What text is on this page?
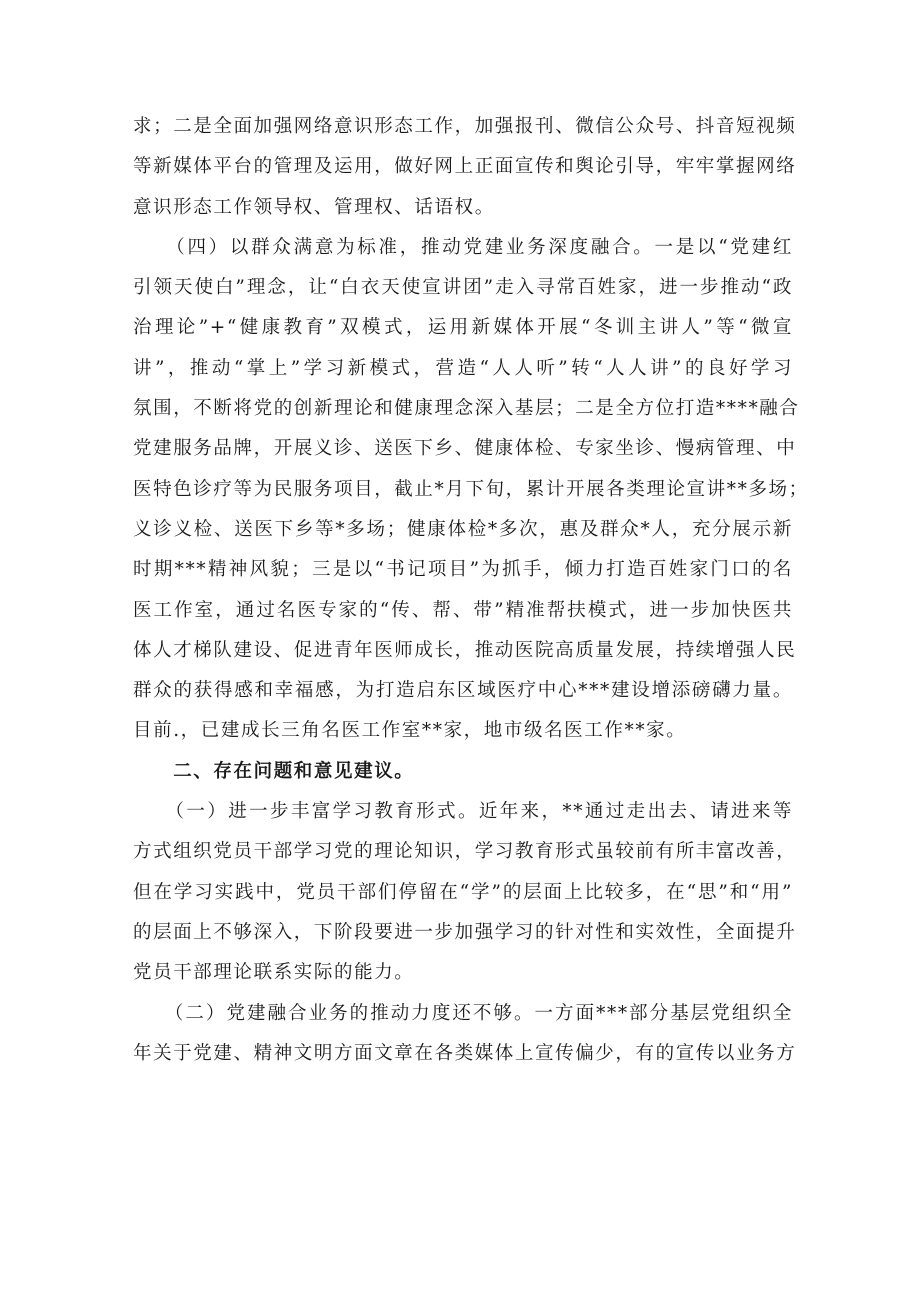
求；二是全面加强网络意识形态工作，加强报刊、微信公众号、抖音短视频
等新媒体平台的管理及运用，做好网上正面宣传和舆论引导，牢牢掌握网络
意识形态工作领导权、管理权、话语权。
　　（四）以群众满意为标准，推动党建业务深度融合。一是以“党建红
引领天使白”理念，让“白衣天使宣讲团”走入寻常百姓家，进一步推动“政
治理论”+“健康教育”双模式，运用新媒体开展“冬训主讲人”等“微宣
讲”，推动“掌上”学习新模式，营造“人人听”转“人人讲”的良好学习
氛围，不断将党的创新理论和健康理念深入基层；二是全方位打造****融合
党建服务品牌，开展义诊、送医下乡、健康体检、专家坐诊、慢病管理、中
医特色诊疗等为民服务项目，截止*月下旬，累计开展各类理论宣讲**多场；
义诊义检、送医下乡等*多场；健康体检*多次，惠及群众*人，充分展示新
时期***精神风貌；三是以“书记项目”为抓手，倾力打造百姓家门口的名
医工作室，通过名医专家的“传、帮、带”精准帮扶模式，进一步加快医共
体人才梯队建设、促进青年医师成长，推动医院高质量发展，持续增强人民
群众的获得感和幸福感，为打造启东区域医疗中心***建设增添磅礴力量。
目前.，已建成长三角名医工作室**家，地市级名医工作**家。
　　二、存在问题和意见建议。
　　（一）进一步丰富学习教育形式。近年来，**通过走出去、请进来等
方式组织党员干部学习党的理论知识，学习教育形式虽较前有所丰富改善，
但在学习实践中，党员干部们停留在“学”的层面上比较多，在“思”和“用”
的层面上不够深入，下阶段要进一步加强学习的针对性和实效性，全面提升
党员干部理论联系实际的能力。
　　（二）党建融合业务的推动力度还不够。一方面***部分基层党组织全
年关于党建、精神文明方面文章在各类媒体上宣传偏少，有的宣传以业务方
